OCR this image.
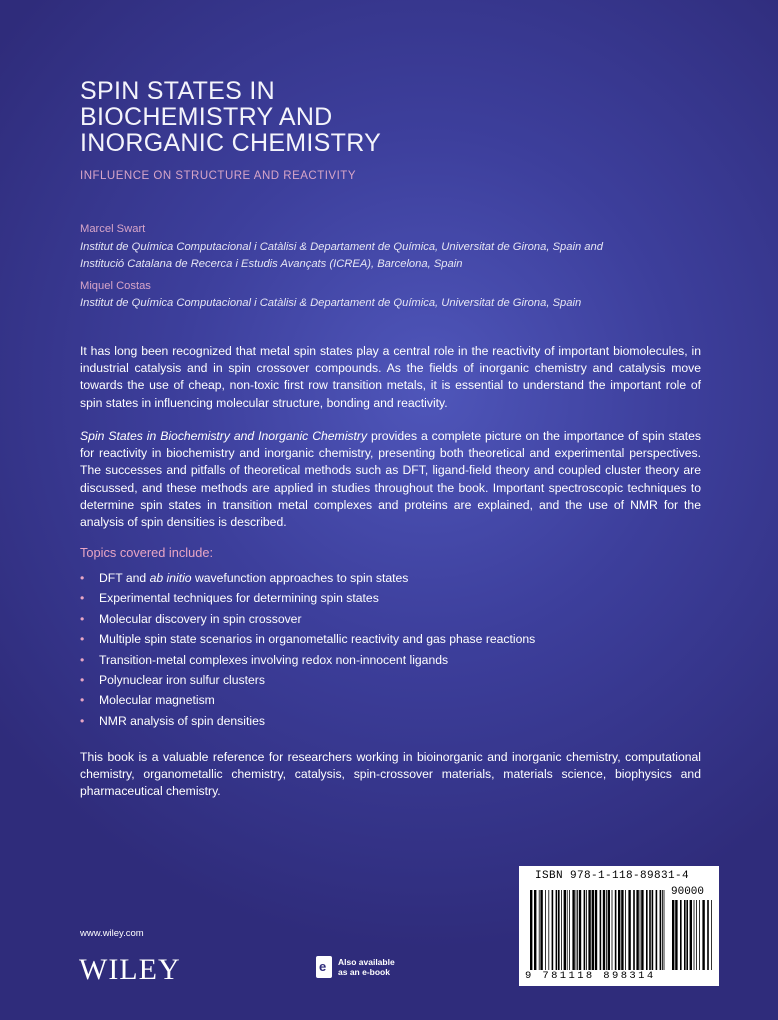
SPIN STATES IN
BIOCHEMISTRY AND
INORGANIC CHEMISTRY
INFLUENCE ON STRUCTURE AND REACTIVITY
Marcel Swart
Institut de Química Computacional i Catàlisi & Departament de Química, Universitat de Girona, Spain and
Institució Catalana de Recerca i Estudis Avançats (ICREA), Barcelona, Spain
Miquel Costas
Institut de Química Computacional i Catàlisi & Departament de Química, Universitat de Girona, Spain

It has long been recognized that metal spin states play a central role in the reactivity of important biomolecules, in industrial catalysis and in spin crossover compounds. As the fields of inorganic chemistry and catalysis move towards the use of cheap, non-toxic first row transition metals, it is essential to understand the important role of spin states in influencing molecular structure, bonding and reactivity.

Spin States in Biochemistry and Inorganic Chemistry provides a complete picture on the importance of spin states for reactivity in biochemistry and inorganic chemistry, presenting both theoretical and experimental perspectives. The successes and pitfalls of theoretical methods such as DFT, ligand-field theory and coupled cluster theory are discussed, and these methods are applied in studies throughout the book. Important spectroscopic techniques to determine spin states in transition metal complexes and proteins are explained, and the use of NMR for the analysis of spin densities is described.

Topics covered include:
• DFT and ab initio wavefunction approaches to spin states
• Experimental techniques for determining spin states
• Molecular discovery in spin crossover
• Multiple spin state scenarios in organometallic reactivity and gas phase reactions
• Transition-metal complexes involving redox non-innocent ligands
• Polynuclear iron sulfur clusters
• Molecular magnetism
• NMR analysis of spin densities

This book is a valuable reference for researchers working in bioinorganic and inorganic chemistry, computational chemistry, organometallic chemistry, catalysis, spin-crossover materials, materials science, biophysics and pharmaceutical chemistry.

www.wiley.com
WILEY
e	Also available
as an e-book
ISBN 978-1-118-89831-4
90000
9 781118 898314
